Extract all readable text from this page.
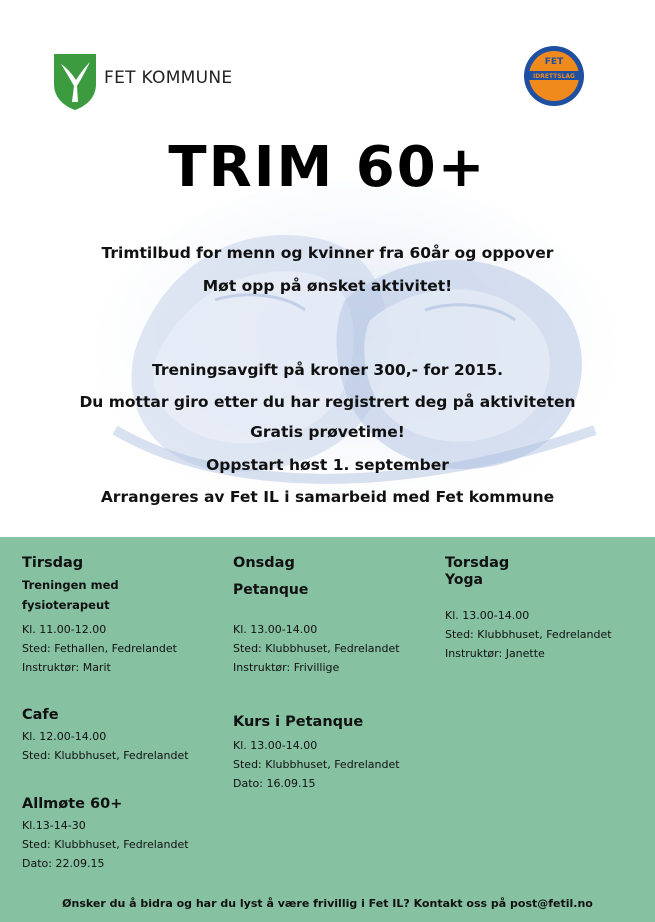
FET KOMMUNE
FET
IDRETTSLAG
TRIM 60+
Trimtilbud for menn og kvinner fra 60år og oppover
Møt opp på ønsket aktivitet!
Treningsavgift på kroner 300,- for 2015.
Du mottar giro etter du har registrert deg på aktiviteten
Gratis prøvetime!
Oppstart høst 1. september
Arrangeres av Fet IL i samarbeid med Fet kommune
Tirsdag
Treningen med
fysioterapeut
Kl. 11.00-12.00
Sted: Fethallen, Fedrelandet
Instruktør: Marit
Cafe
Kl. 12.00-14.00
Sted: Klubbhuset, Fedrelandet
Allmøte 60+
Kl.13-14-30
Sted: Klubbhuset, Fedrelandet
Dato: 22.09.15
Onsdag
Petanque
Kl. 13.00-14.00
Sted: Klubbhuset, Fedrelandet
Instruktør: Frivillige
Kurs i Petanque
Kl. 13.00-14.00
Sted: Klubbhuset, Fedrelandet
Dato: 16.09.15
Torsdag
Yoga
Kl. 13.00-14.00
Sted: Klubbhuset, Fedrelandet
Instruktør: Janette
Ønsker du å bidra og har du lyst å være frivillig i Fet IL? Kontakt oss på post@fetil.no
